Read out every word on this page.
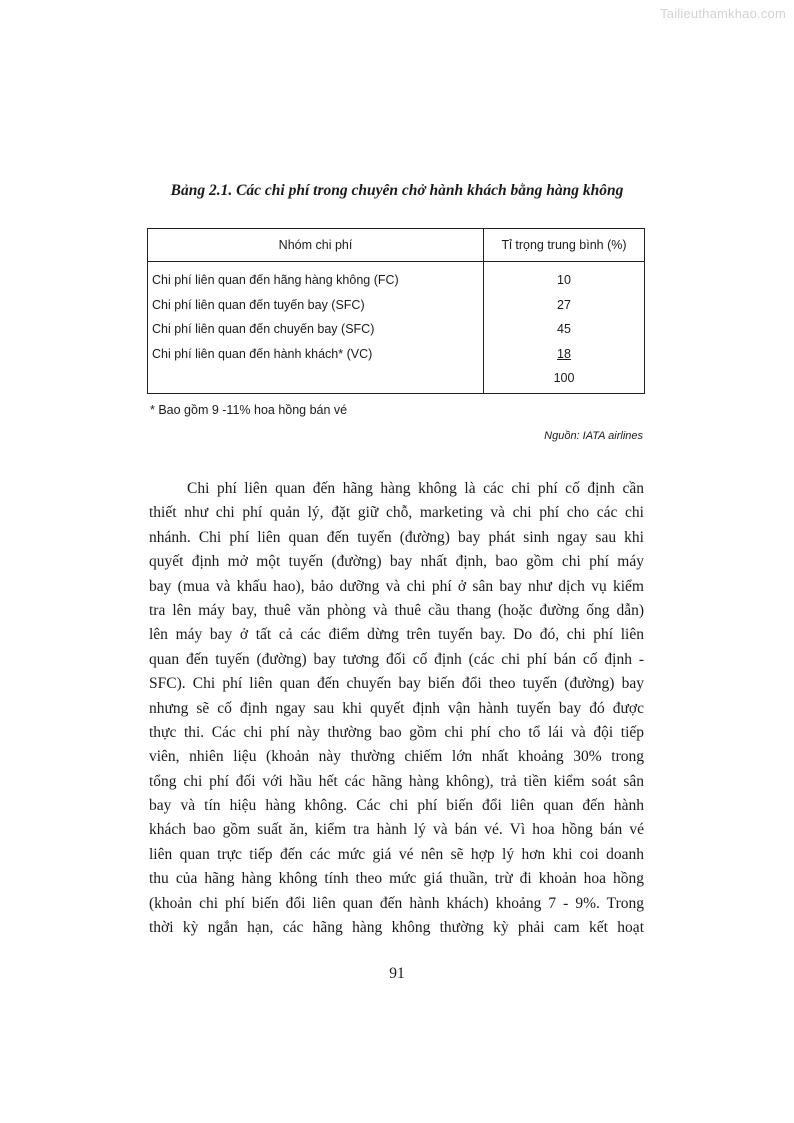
Tailieuthamkhao.com
Bảng 2.1. Các chi phí trong chuyên chở hành khách bằng hàng không
Nhóm chi phí	Tỉ trọng trung bình (%)
Chi phí liên quan đến hãng hàng không (FC)
Chi phí liên quan đến tuyến bay (SFC)
Chi phí liên quan đến chuyến bay (SFC)
Chi phí liên quan đến hành khách* (VC)
10
27
45
18
100
* Bao gồm 9 -11% hoa hồng bán vé
Nguồn: IATA airlines
Chi phí liên quan đến hãng hàng không là các chi phí cố định cần
thiết như chi phí quản lý, đặt giữ chỗ, marketing và chi phí cho các chi
nhánh. Chi phí liên quan đến tuyến (đường) bay phát sinh ngay sau khi
quyết định mở một tuyến (đường) bay nhất định, bao gồm chi phí máy
bay (mua và khấu hao), bảo dưỡng và chi phí ở sân bay như dịch vụ kiểm
tra lên máy bay, thuê văn phòng và thuê cầu thang (hoặc đường ống dẫn)
lên máy bay ở tất cả các điểm dừng trên tuyến bay. Do đó, chi phí liên
quan đến tuyến (đường) bay tương đối cố định (các chi phí bán cố định -
SFC). Chi phí liên quan đến chuyến bay biến đổi theo tuyến (đường) bay
nhưng sẽ cố định ngay sau khi quyết định vận hành tuyến bay đó được
thực thi. Các chi phí này thường bao gồm chi phí cho tổ lái và đội tiếp
viên, nhiên liệu (khoản này thường chiếm lớn nhất khoảng 30% trong
tổng chi phí đối với hầu hết các hãng hàng không), trả tiền kiểm soát sân
bay và tín hiệu hàng không. Các chi phí biến đổi liên quan đến hành
khách bao gồm suất ăn, kiểm tra hành lý và bán vé. Vì hoa hồng bán vé
liên quan trực tiếp đến các mức giá vé nên sẽ hợp lý hơn khi coi doanh
thu của hãng hàng không tính theo mức giá thuần, trừ đi khoản hoa hồng
(khoản chi phí biến đổi liên quan đến hành khách) khoảng 7 - 9%. Trong
thời kỳ ngắn hạn, các hãng hàng không thường kỳ phải cam kết hoạt
91
